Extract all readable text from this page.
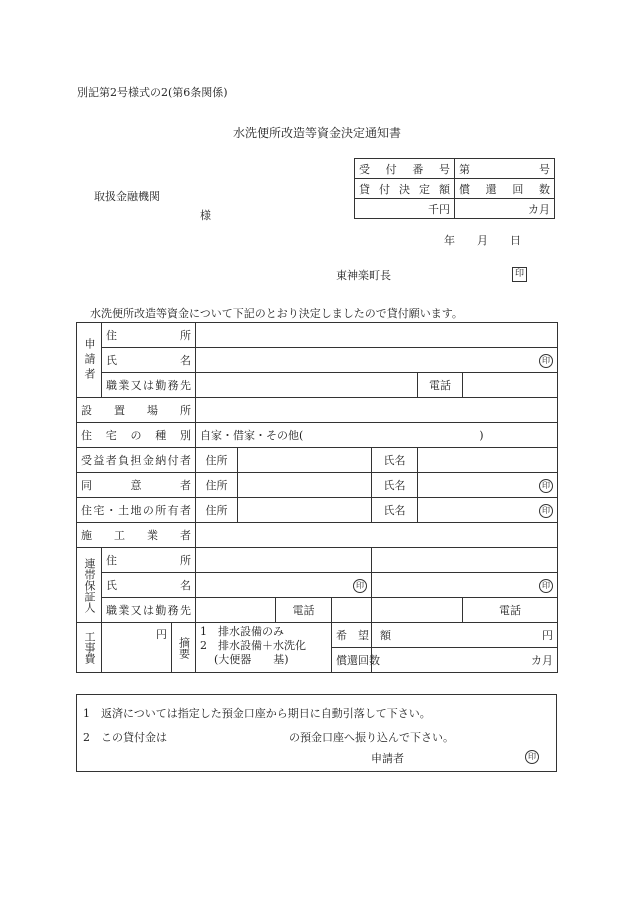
別記第2号様式の2(第6条関係)
水洗便所改造等資金決定通知書
受　付　番　号	第 号

貸付決定額	償　還　回　数
千円	カ月
取扱金融機関
様
年　　月　　日
東神楽町長	印
水洗便所改造等資金について下記のとおり決定しましたので貸付願います。
申請者	住　　　所									
	氏　　　名		印							
	職業又は勤務先							電話		
設置場所										
住宅の種別			自家・借家・その他(　　　　　　　　　　　　　　　　)							
受益者負担金納付者			住所				氏名			
同　　意　　者			住所				氏名	印		
住宅・土地の所有者			住所				氏名	印		
施　工　業　者										
連帯保証人	住　　　所									
	氏　　　名		印				印			
	職業又は勤務先				電話				電話	
工事費	円	摘要	1　排水設備のみ
2　排水設備＋水洗化
(大便器　　基)			希　望　額	円			
						償還回数	カ月			
1　返済については指定した預金口座から期日に自動引落して下さい。
2　この貸付金は	の預金口座へ振り込んで下さい。
申請者	印
